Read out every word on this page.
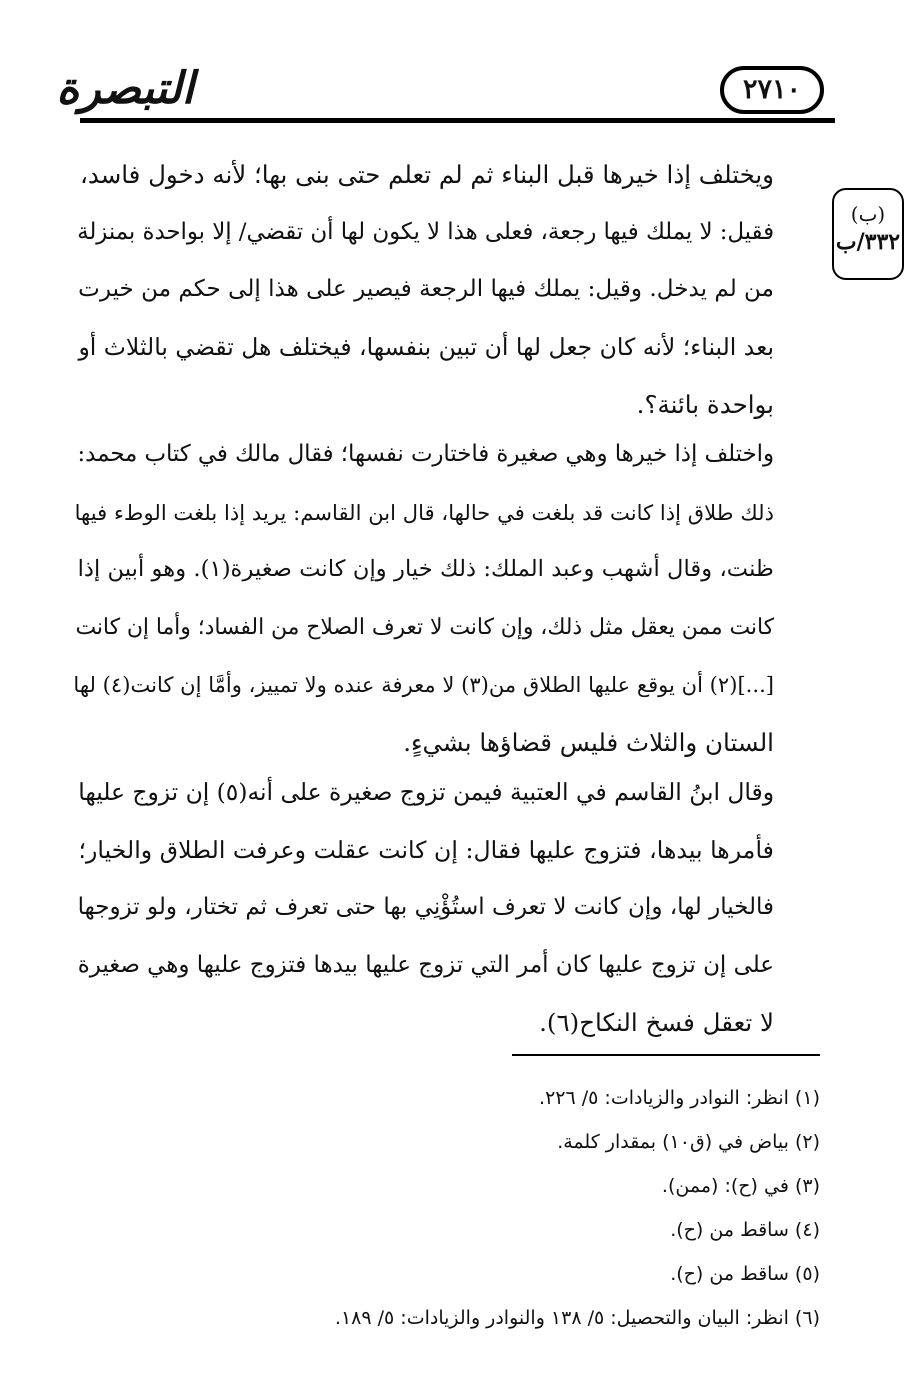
التبصرة	٢٧١٠
(ب)
٣٣٢/ب
ويختلف إذا خيرها قبل البناء ثم لم تعلم حتى بنى بها؛ لأنه دخول فاسد،
فقيل: لا يملك فيها رجعة، فعلى هذا لا يكون لها أن تقضي/ إلا بواحدة بمنزلة
من لم يدخل. وقيل: يملك فيها الرجعة فيصير على هذا إلى حكم من خيرت
بعد البناء؛ لأنه كان جعل لها أن تبين بنفسها، فيختلف هل تقضي بالثلاث أو
بواحدة بائنة؟.
واختلف إذا خيرها وهي صغيرة فاختارت نفسها؛ فقال مالك في كتاب محمد:
ذلك طلاق إذا كانت قد بلغت في حالها، قال ابن القاسم: يريد إذا بلغت الوطء فيها
ظنت، وقال أشهب وعبد الملك: ذلك خيار وإن كانت صغيرة(١). وهو أبين إذا
كانت ممن يعقل مثل ذلك، وإن كانت لا تعرف الصلاح من الفساد؛ وأما إن كانت
[...](٢) أن يوقع عليها الطلاق من(٣) لا معرفة عنده ولا تمييز، وأمَّا إن كانت(٤) لها
الستان والثلاث فليس قضاؤها بشيءٍ.
وقال ابنُ القاسم في العتبية فيمن تزوج صغيرة على أنه(٥) إن تزوج عليها
فأمرها بيدها، فتزوج عليها فقال: إن كانت عقلت وعرفت الطلاق والخيار؛
فالخيار لها، وإن كانت لا تعرف استُؤْنِي بها حتى تعرف ثم تختار، ولو تزوجها
على إن تزوج عليها كان أمر التي تزوج عليها بيدها فتزوج عليها وهي صغيرة
لا تعقل فسخ النكاح(٦).
(١) انظر: النوادر والزيادات: ٥/ ٢٢٦.
(٢) بياض في (ق١٠) بمقدار كلمة.
(٣) في (ح): (ممن).
(٤) ساقط من (ح).
(٥) ساقط من (ح).
(٦) انظر: البيان والتحصيل: ٥/ ١٣٨ والنوادر والزيادات: ٥/ ١٨٩.
